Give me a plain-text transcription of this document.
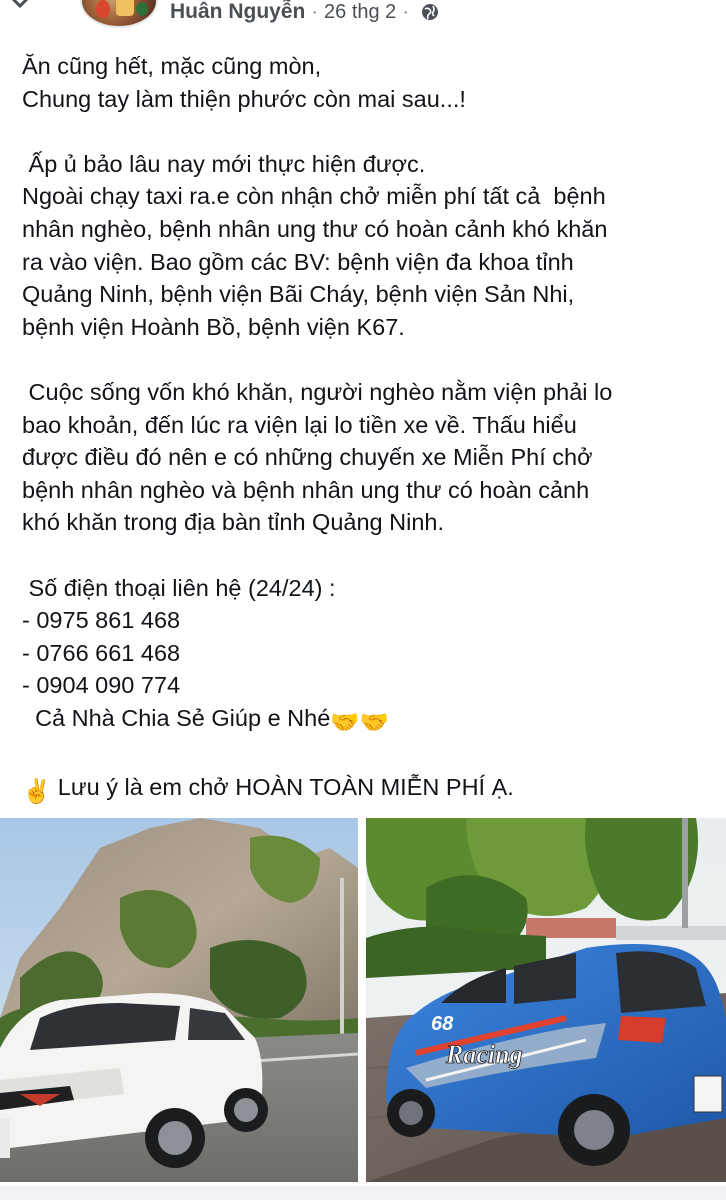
Huân Nguyễn · 26 thg 2 ·

Ăn cũng hết, mặc cũng mòn,

Chung tay làm thiện phước còn mai sau...!

Ấp ủ bảo lâu nay mới thực hiện được.

Ngoài chạy taxi ra.e còn nhận chở miễn phí tất cả  bệnh

nhân nghèo, bệnh nhân ung thư có hoàn cảnh khó khăn

ra vào viện. Bao gồm các BV: bệnh viện đa khoa tỉnh

Quảng Ninh, bệnh viện Bãi Cháy, bệnh viện Sản Nhi,

bệnh viện Hoành Bồ, bệnh viện K67.

Cuộc sống vốn khó khăn, người nghèo nằm viện phải lo

bao khoản, đến lúc ra viện lại lo tiền xe về. Thấu hiểu

được điều đó nên e có những chuyến xe Miễn Phí chở

bệnh nhân nghèo và bệnh nhân ung thư có hoàn cảnh

khó khăn trong địa bàn tỉnh Quảng Ninh.

Số điện thoại liên hệ (24/24) :

- 0975 861 468

- 0766 661 468

- 0904 090 774

Cả Nhà Chia Sẻ Giúp e Nhé🤝🤝

✌️ Lưu ý là em chở HOÀN TOÀN MIỄN PHÍ Ạ.

68
Racing
